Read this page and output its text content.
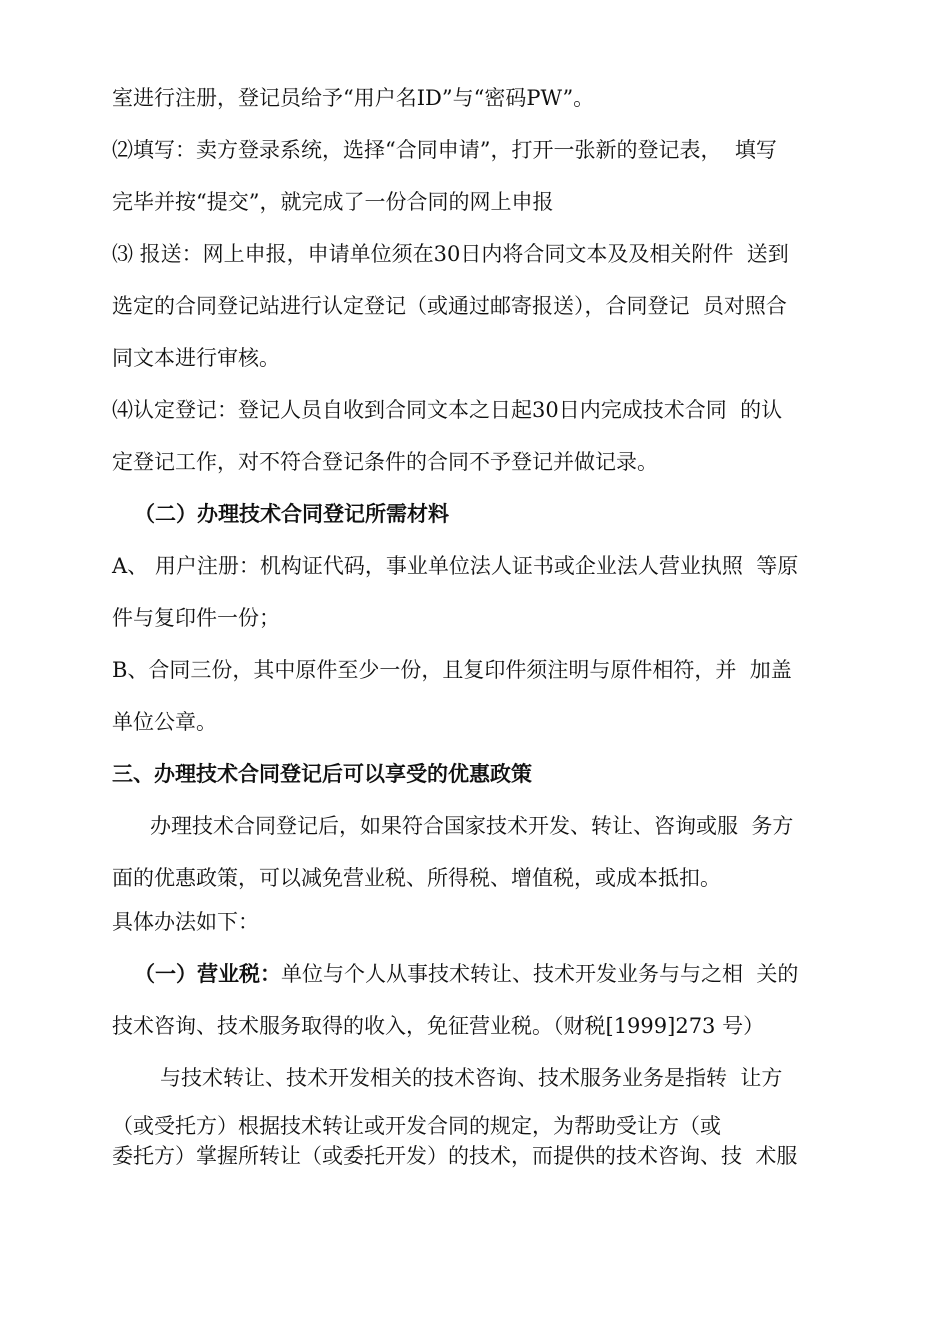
室进行注册，登记员给予“用户名ID”与“密码PW”。
⑵填写：卖方登录系统，选择“合同申请”，打开一张新的登记表，  填写
完毕并按“提交”，就完成了一份合同的网上申报
⑶ 报送：网上申报，申请单位须在30日内将合同文本及及相关附件  送到
选定的合同登记站进行认定登记（或通过邮寄报送），合同登记  员对照合
同文本进行审核。
⑷认定登记：登记人员自收到合同文本之日起30日内完成技术合同  的认
定登记工作，对不符合登记条件的合同不予登记并做记录。
（二）办理技术合同登记所需材料
A、 用户注册：机构证代码，事业单位法人证书或企业法人营业执照  等原
件与复印件一份；
B、合同三份，其中原件至少一份，且复印件须注明与原件相符，并  加盖
单位公章。
三、办理技术合同登记后可以享受的优惠政策
办理技术合同登记后，如果符合国家技术开发、转让、咨询或服  务方
面的优惠政策，可以减免营业税、所得税、增值税，或成本抵扣。
具体办法如下：
（一）营业税：单位与个人从事技术转让、技术开发业务与与之相  关的
技术咨询、技术服务取得的收入，免征营业税。（财税[1999]273 号）
与技术转让、技术开发相关的技术咨询、技术服务业务是指转  让方
（或受托方）根据技术转让或开发合同的规定，为帮助受让方（或
委托方）掌握所转让（或委托开发）的技术，而提供的技术咨询、技  术服
